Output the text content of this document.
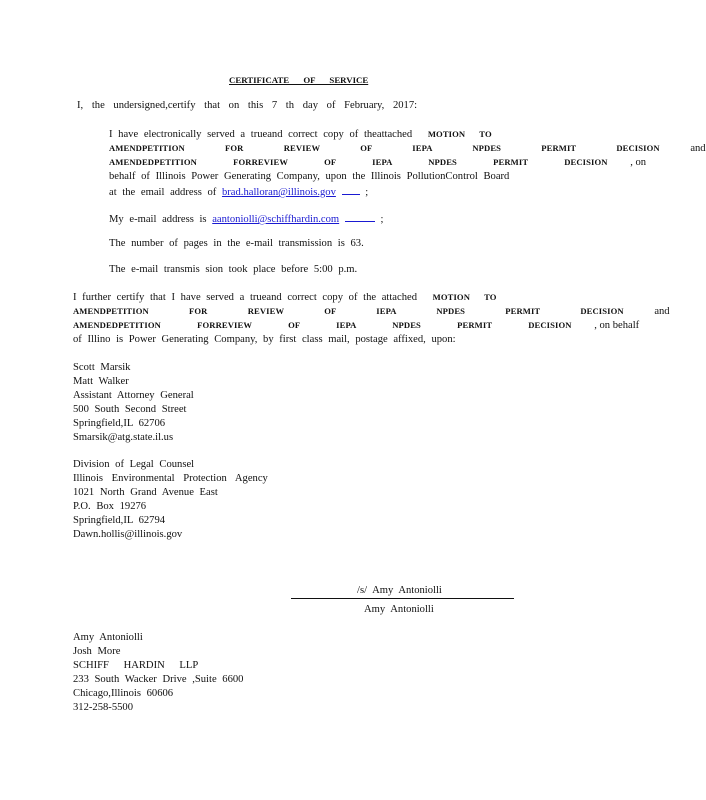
CERTIFICATE OF SERVICE
I, the undersigned,certify that on this 7 th day of February, 2017:
I have electronically served a trueand correct copy of theattached MOTION TO
AMENDPETITION FOR REVIEW OF IEPA NPDES PERMIT DECISION	and
AMENDEDPETITION FORREVIEW OF IEPA NPDES PERMIT DECISION , on
behalf of Illinois Power Generating Company, upon the Illinois PollutionControl Board
at the email address of brad.halloran@illinois.gov	;
My e-mail address is aantoniolli@schiffhardin.com	;
The number of pages in the e-mail transmission is 63.
The e-mail transmis sion took place before 5:00 p.m.
I further certify that I have served a trueand correct copy of the attached MOTION TO
AMENDPETITION FOR REVIEW OF IEPA NPDES PERMIT DECISION	and
AMENDEDPETITION FORREVIEW OF IEPA NPDES PERMIT DECISION , on behalf
of Illino is Power Generating Company, by first class mail, postage affixed, upon:
Scott Marsik
Matt Walker
Assistant Attorney General
500 South Second Street
Springfield,IL 62706
Smarsik@atg.state.il.us
Division of Legal Counsel
Illinois Environmental Protection Agency
1021 North Grand Avenue East
P.O. Box 19276
Springfield,IL 62794
Dawn.hollis@illinois.gov
/s/ Amy Antoniolli
Amy Antoniolli
Amy Antoniolli
Josh More
SCHIFF HARDIN LLP
233 South Wacker Drive ,Suite 6600
Chicago,Illinois 60606
312-258-5500
